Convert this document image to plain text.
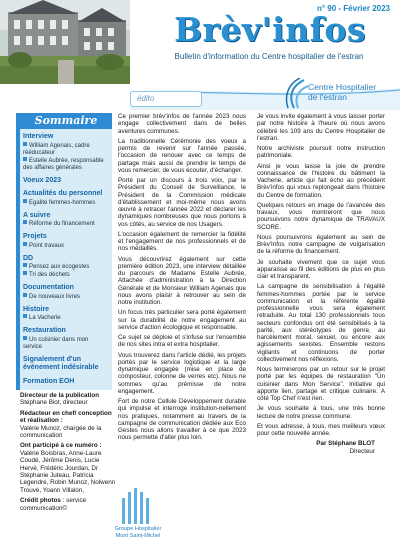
n° 90 - Février 2023
Brèv'infos
Bulletin d'information du Centre hospitalier de l'estran
édito
Centre Hospitalier
de l'estran
Sommaire
Interview
William Agenais, cadre rééducateur
Estelle Aubrée, responsable des affaires générales
Voeux 2023
Actualités du personnel
Egalité femmes-hommes
A suivre
Réforme du financement
Projets
Point travaux
DD
Pensez aux écogestes
Tri des déchets
Documentation
De nouveaux livres
Histoire
La Vacherie
Restauration
Un cuisinier dans mon service
Signalement d'un événement indésirable
Formation EOH
Directeur de la publication
Stéphane Biot, directeur
Rédacteur en chef/ conception et réalisation :
Valérie Munoz, chargée de la communication
Ont participé à ce numéro :
Valérie Boisbras, Anne-Laure Coudé, Jérôme Denis, Lucie Hervé, Frédéric Jourdan, Dr Stéphanie Juteau, Patricia Legendre, Robin Munoz, Nolwenn Trouvé, Yoann Villalon,
Crédit photos : service communication©
Groupe Hospitalier
Mont Saint-Michel

Ce premier brèv'infos de l'année 2023 nous engage collectivement dans de belles aventures communes.

La traditionnelle Cérémonie des voeux a permis de revenir sur l'année passée, l'occasion de renouer avec ce temps de partage mais aussi de prendre le temps de vous remercier, de vous écouter, d'échanger.

Porté par un discours à trois voix, par le Président du Conseil de Surveillance, le Président de la Commission médicale d'établissement et moi-même nous avons œuvré à retracer l'année 2022 et déclarer les dynamiques nombreuses que nous portons à vos côtés, au service de nos Usagers.

L'occasion également de remercier la fidélité et l'engagement de nos professionnels et de nos médaillés.

Vous découvrirez également sur cette première édition 2023, une interview détaillée du parcours de Madame Estelle Aubrée, Attachée d'administration à la Direction Générale et de Monsieur William Agenais que nous avons plaisir à retrouver au sein de notre institution.

Un focus très particulier sera porté également sur la durabilité de notre engagement au service d'action écologique et responsable.

Ce sujet se déploie et s'infuse sur l'ensemble de nos sites intra et extra hospitalier.

Vous trouverez dans l'article dédié, les projets portés par le service logistique et la large dynamique engagée (mise en place de composteur, colonne de verres etc). Nous ne sommes qu'au prémisse de notre engagement.

Fort de notre Cellule Développement durable qui impulse et interroge institution-nellement nos pratiques, notamment au travers de la campagne de communication dédiée aux Eco Gestes nous allons travailler à ce que 2023 nous permette d'aller plus loin.

Je vous invite également à vous laisser porter par notre histoire à l'heure où nous avons célébré les 109 ans du Centre Hospitalier de l'estran.

Notre archiviste poursuit notre instruction patrimoniale.

Ainsi je vous laisse la joie de prendre connaissance de l'histoire du bâtiment la Vacherie, article qui fait écho au précédent Brèv'infos qui vous replongeait dans l'histoire du Centre de formation.

Quelques retours en image de l'avancée des travaux, vous montreront que nous poursuivons notre dynamique de TRAVAUX SCORE.

Nous poursuivrons également au sein de Brèv'Infos notre campagne de vulgarisation de la réforme du financement.

Je souhaite vivement que ce sujet vous apparaisse au fil des éditions de plus en plus clair et transparent.

La campagne de sensibilisation à l'égalité femmes-hommes portée par le service communication et la référente égalité professionnelle vous sera également retraduite. Au total 130 professionnels tous secteurs confondus ont été sensibilisés à la parité, aux stéréotypes de genre, au harcèlement moral, sexuel, ou encore aux agissements sexistes. Ensemble restons vigilants et continuons de porter collectivement nos réflexions.

Nous terminerons par un retour sur le projet porté par les équipes de restauration "Un cuisinier dans Mon Service". Initiative qui apporte lien, partage et critique culinaire. A côté Top Chef n'est rien.

Je vous souhaite à tous, une très bonne lecture de notre presse commune.

Et vous adresse, à tous, mes meilleurs vœux pour cette nouvelle année.

Par Stéphane BLOT
Directeur
